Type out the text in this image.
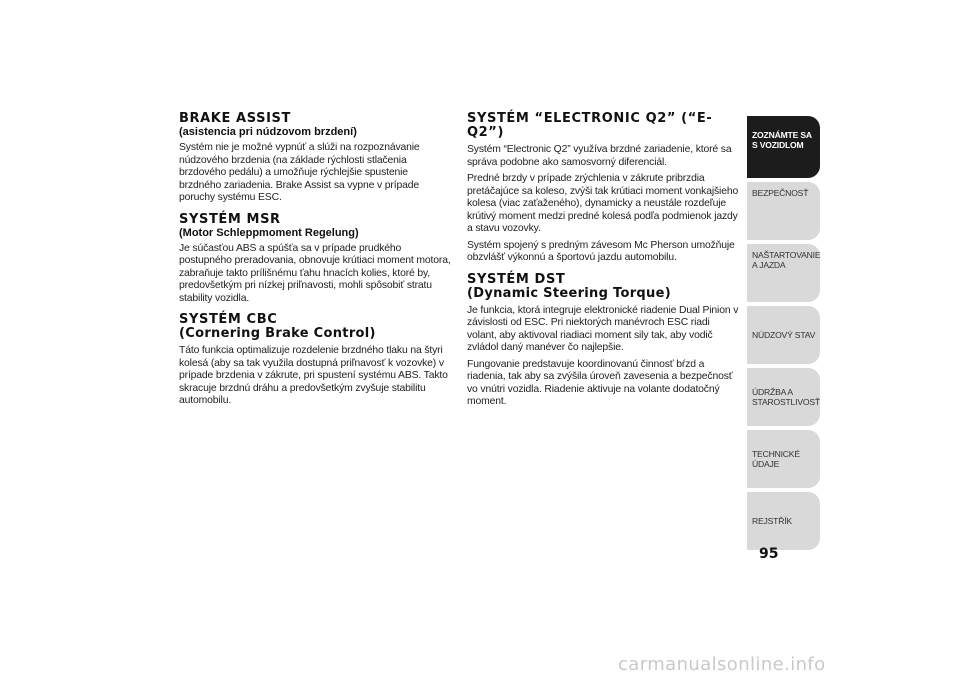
BRAKE ASSIST
(asistencia pri núdzovom brzdení)

Systém nie je možné vypnúť a slúži na rozpoznávanie núdzového brzdenia (na základe rýchlosti stlačenia brzdového pedálu) a umožňuje rýchlejšie spustenie brzdného zariadenia. Brake Assist sa vypne v prípade poruchy systému ESC.

SYSTÉM MSR
(Motor Schleppmoment Regelung)

Je súčasťou ABS a spúšťa sa v prípade prudkého postupného preradovania, obnovuje krútiaci moment motora, zabraňuje takto prílišnému ťahu hnacích kolies, ktoré by, predovšetkým pri nízkej priľnavosti, mohli spôsobiť stratu stability vozidla.

SYSTÉM CBC
(Cornering Brake Control)

Táto funkcia optimalizuje rozdelenie brzdného tlaku na štyri kolesá (aby sa tak využila dostupná priľnavosť k vozovke) v prípade brzdenia v zákrute, pri spustení systému ABS. Takto skracuje brzdnú dráhu a predovšetkým zvyšuje stabilitu automobilu.

SYSTÉM “ELECTRONIC Q2” (“E-Q2”)

Systém “Electronic Q2” využíva brzdné zariadenie, ktoré sa správa podobne ako samosvorný diferenciál.

Predné brzdy v prípade zrýchlenia v zákrute pribrzdia pretáčajúce sa koleso, zvýši tak krútiaci moment vonkajšieho kolesa (viac zaťaženého), dynamicky a neustále rozdeľuje krútivý moment medzi predné kolesá podľa podmienok jazdy a stavu vozovky.

Systém spojený s predným závesom Mc Pherson umožňuje obzvlášť výkonnú a športovú jazdu automobilu.

SYSTÉM DST
(Dynamic Steering Torque)

Je funkcia, ktorá integruje elektronické riadenie Dual Pinion v závislosti od ESC. Pri niektorých manévroch ESC riadi volant, aby aktivoval riadiaci moment sily tak, aby vodič zvládol daný manéver čo najlepšie.

Fungovanie predstavuje koordinovanú činnosť bŕzd a riadenia, tak aby sa zvýšila úroveň zavesenia a bezpečnosť vo vnútri vozidla. Riadenie aktivuje na volante dodatočný moment.

ZOZNÁMTE SA S VOZIDLOM
BEZPEČNOSŤ
NAŠTARTOVANIE A JAZDA
NÚDZOVÝ STAV
ÚDRŽBA A STAROSTLIVOSŤ
TECHNICKÉ ÚDAJE
REJSTŘÍK
95
carmanualsonline.info
